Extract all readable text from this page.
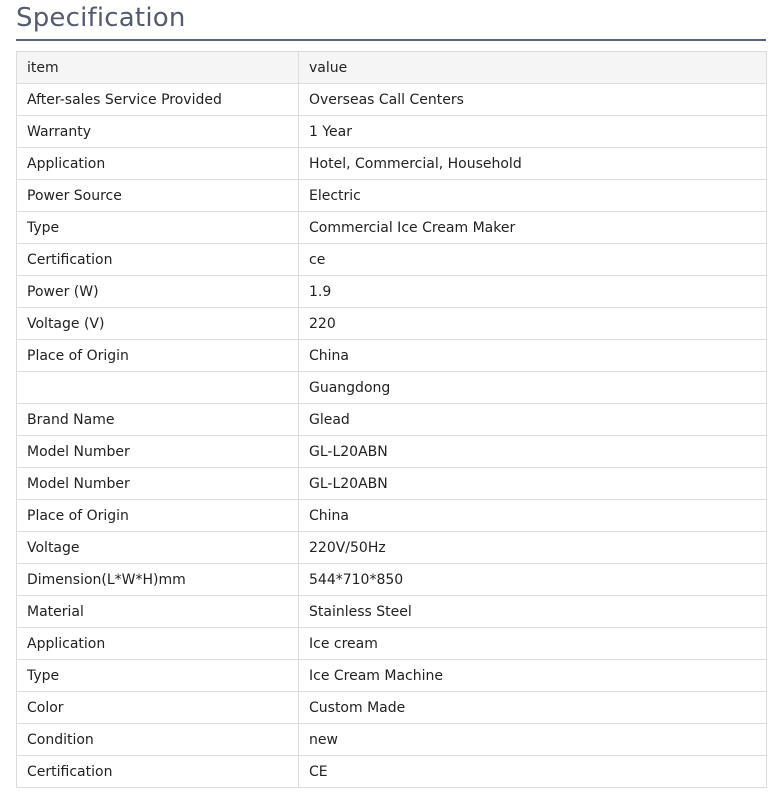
Specification
item	value
After-sales Service Provided	Overseas Call Centers
Warranty	1 Year
Application	Hotel, Commercial, Household
Power Source	Electric
Type	Commercial Ice Cream Maker
Certification	ce
Power (W)	1.9
Voltage (V)	220
Place of Origin	China
	Guangdong
Brand Name	Glead
Model Number	GL-L20ABN
Model Number	GL-L20ABN
Place of Origin	China
Voltage	220V/50Hz
Dimension(L*W*H)mm	544*710*850
Material	Stainless Steel
Application	Ice cream
Type	Ice Cream Machine
Color	Custom Made
Condition	new
Certification	CE
